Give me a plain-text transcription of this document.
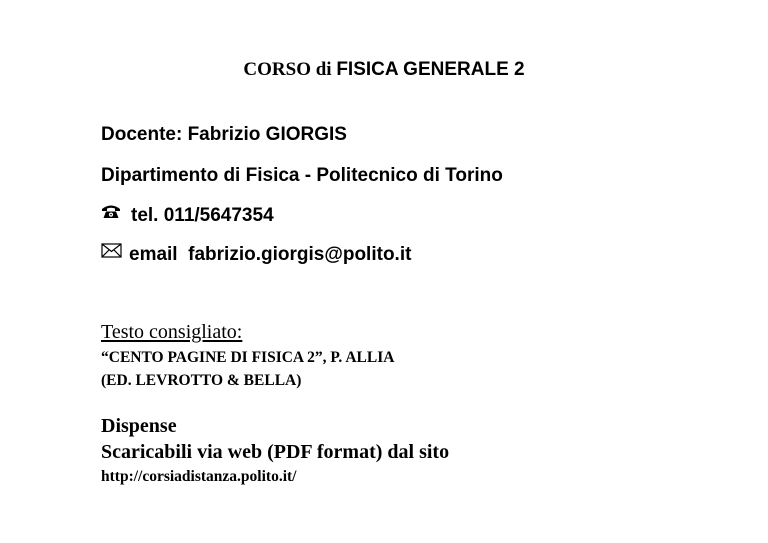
CORSO di FISICA GENERALE 2
Docente: Fabrizio GIORGIS
Dipartimento di Fisica - Politecnico di Torino
tel. 011/5647354
email  fabrizio.giorgis@polito.it
Testo consigliato:
“CENTO PAGINE DI FISICA 2”, P. ALLIA
(ED. LEVROTTO & BELLA)
Dispense
Scaricabili via web (PDF format) dal sito
http://corsiadistanza.polito.it/
